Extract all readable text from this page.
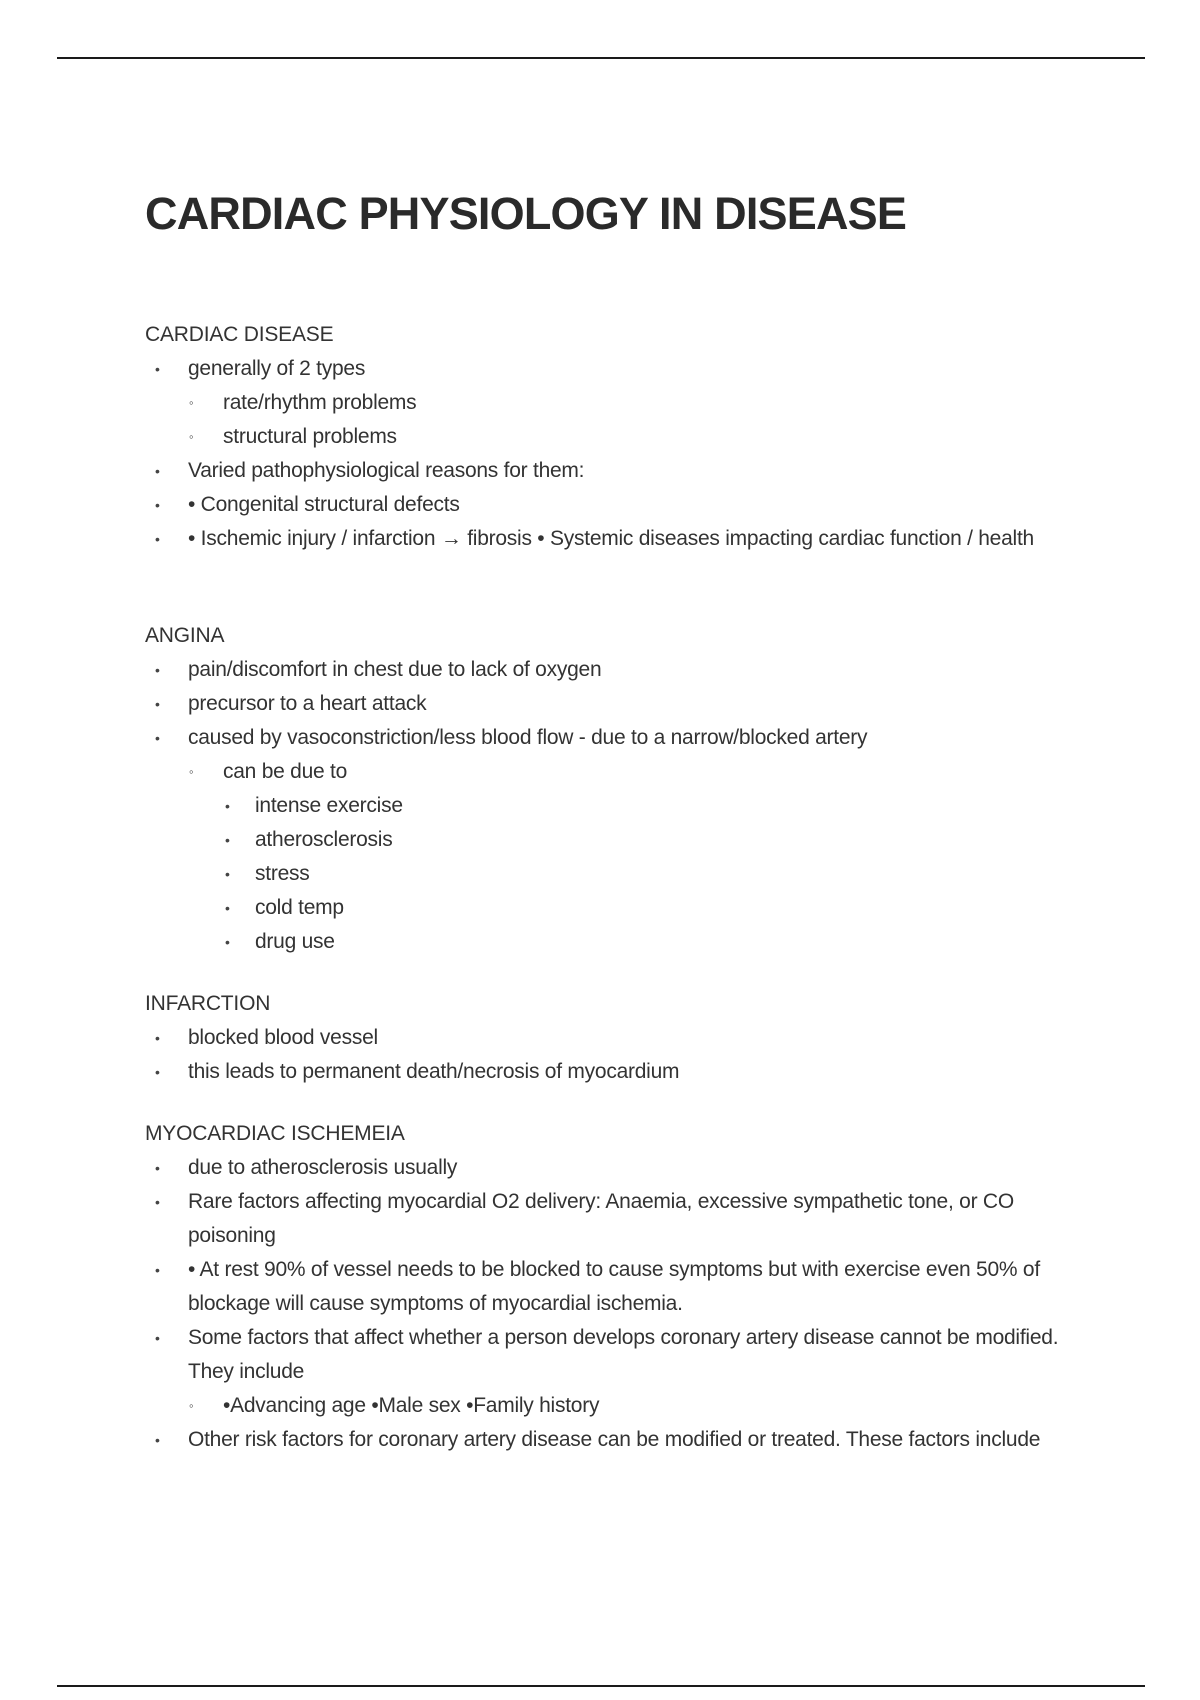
CARDIAC PHYSIOLOGY IN DISEASE
CARDIAC DISEASE
• generally of 2 types
◦ rate/rhythm problems
◦ structural problems
• Varied pathophysiological reasons for them:
• • Congenital structural defects
• • Ischemic injury / infarction → fibrosis • Systemic diseases impacting cardiac function / health
ANGINA
• pain/discomfort in chest due to lack of oxygen
• precursor to a heart attack
• caused by vasoconstriction/less blood flow - due to a narrow/blocked artery
◦ can be due to
• intense exercise
• atherosclerosis
• stress
• cold temp
• drug use
INFARCTION
• blocked blood vessel
• this leads to permanent death/necrosis of myocardium
MYOCARDIAC ISCHEMEIA
• due to atherosclerosis usually
• Rare factors affecting myocardial O2 delivery: Anaemia, excessive sympathetic tone, or CO poisoning
• • At rest 90% of vessel needs to be blocked to cause symptoms but with exercise even 50% of blockage will cause symptoms of myocardial ischemia.
• Some factors that affect whether a person develops coronary artery disease cannot be modified. They include
◦ •Advancing age •Male sex •Family history
• Other risk factors for coronary artery disease can be modified or treated. These factors include
